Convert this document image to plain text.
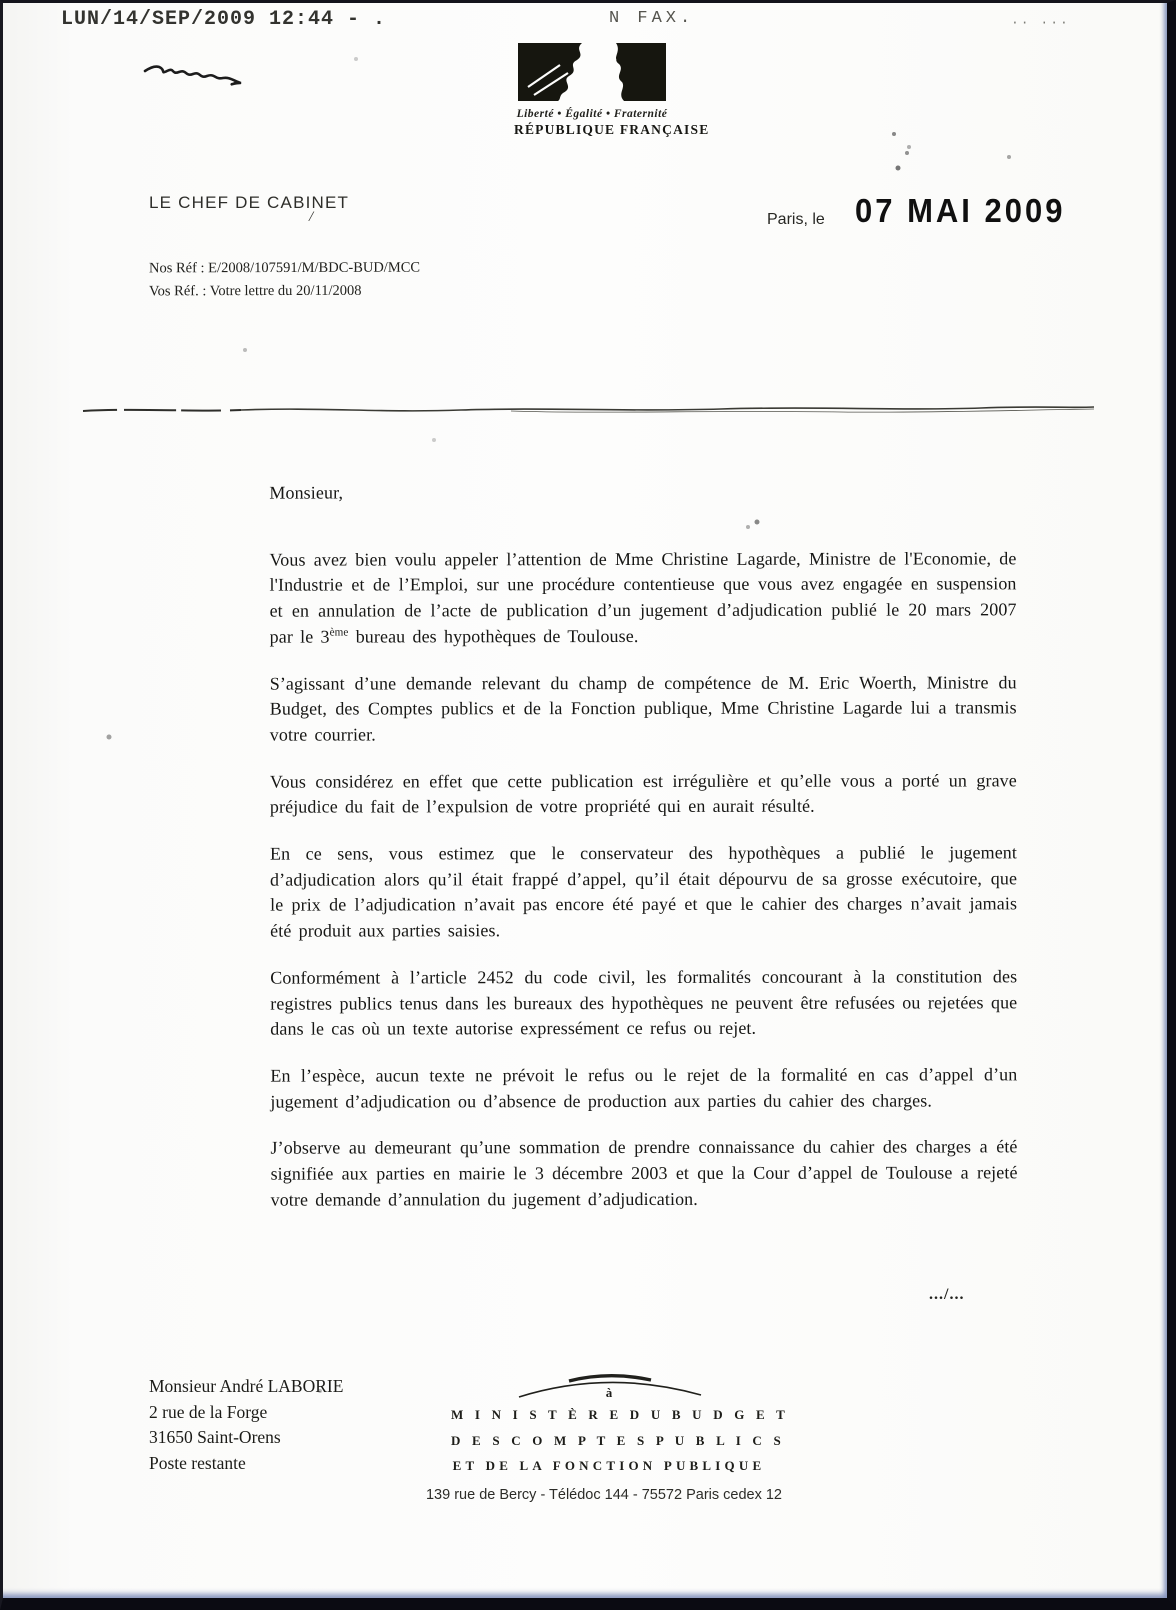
LUN/14/SEP/2009 12:44 - .	N FAX.	·· ···
Liberté • Égalité • Fraternité
RÉPUBLIQUE FRANÇAISE
LE CHEF DE CABINET
/	Paris, le 07 MAI 2009
Nos Réf : E/2008/107591/M/BDC-BUD/MCC
Vos Réf. : Votre lettre du 20/11/2008

Monsieur,

Vous avez bien voulu appeler l’attention de Mme Christine Lagarde, Ministre de l'Economie, de l'Industrie et de l’Emploi, sur une procédure contentieuse que vous avez engagée en suspension et en annulation de l’acte de publication d’un jugement d’adjudication publié le 20 mars 2007 par le 3ème bureau des hypothèques de Toulouse.

S’agissant d’une demande relevant du champ de compétence de M. Eric Woerth, Ministre du Budget, des Comptes publics et de la Fonction publique, Mme Christine Lagarde lui a transmis votre courrier.

Vous considérez en effet que cette publication est irrégulière et qu’elle vous a porté un grave préjudice du fait de l’expulsion de votre propriété qui en aurait résulté.

En ce sens, vous estimez que le conservateur des hypothèques a publié le jugement d’adjudication alors qu’il était frappé d’appel, qu’il était dépourvu de sa grosse exécutoire, que le prix de l’adjudication n’avait pas encore été payé et que le cahier des charges n’avait jamais été produit aux parties saisies.

Conformément à l’article 2452 du code civil, les formalités concourant à la constitution des registres publics tenus dans les bureaux des hypothèques ne peuvent être refusées ou rejetées que dans le cas où un texte autorise expressément ce refus ou rejet.

En l’espèce, aucun texte ne prévoit le refus ou le rejet de la formalité en cas d’appel d’un jugement d’adjudication ou d’absence de production aux parties du cahier des charges.

J’observe au demeurant qu’une sommation de prendre connaissance du cahier des charges a été signifiée aux parties en mairie le 3 décembre 2003 et que la Cour d’appel de Toulouse a rejeté votre demande d’annulation du jugement d’adjudication.

.../...
Monsieur André LABORIE
2 rue de la Forge
31650 Saint-Orens
Poste restante
à
M I N I S T È R E D U B U D G E T
D E S C O M P T E S P U B L I C S
ET DE LA FONCTION PUBLIQUE
139 rue de Bercy - Télédoc 144 - 75572 Paris cedex 12
